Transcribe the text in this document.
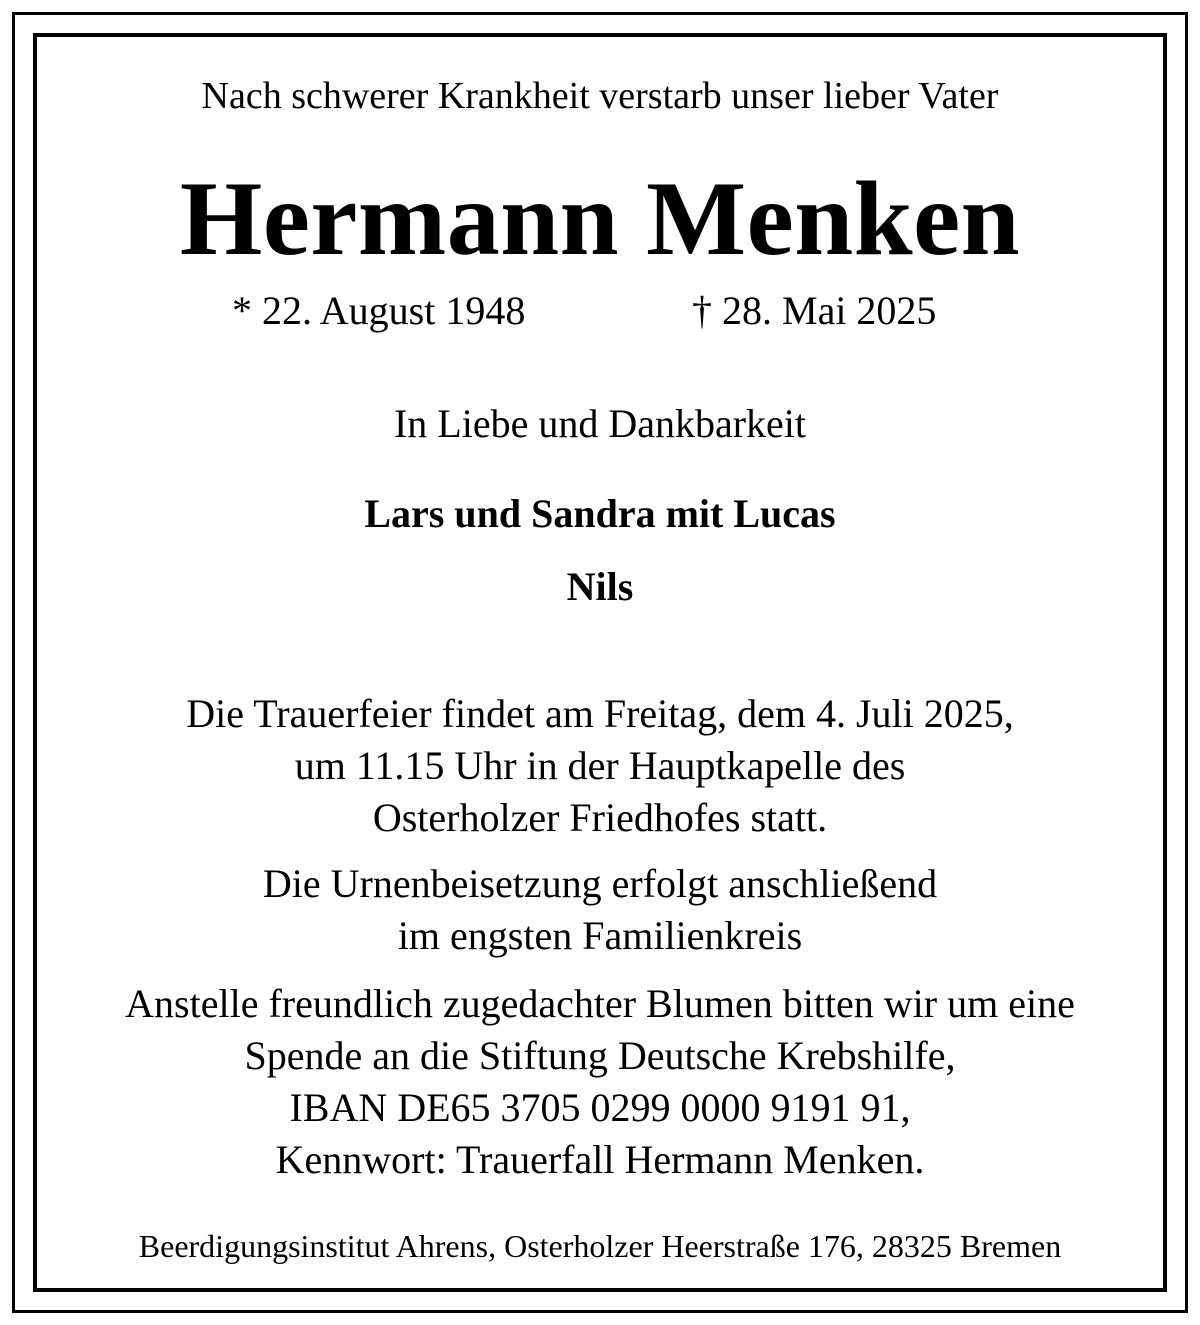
Nach schwerer Krankheit verstarb unser lieber Vater

Hermann Menken

* 22. August 1948	† 28. Mai 2025

In Liebe und Dankbarkeit

Lars und Sandra mit Lucas

Nils

Die Trauerfeier findet am Freitag, dem 4. Juli 2025,
um 11.15 Uhr in der Hauptkapelle des
Osterholzer Friedhofes statt.
Die Urnenbeisetzung erfolgt anschließend
im engsten Familienkreis
Anstelle freundlich zugedachter Blumen bitten wir um eine
Spende an die Stiftung Deutsche Krebshilfe,
IBAN DE65 3705 0299 0000 9191 91,
Kennwort: Trauerfall Hermann Menken.

Beerdigungsinstitut Ahrens, Osterholzer Heerstraße 176, 28325 Bremen
